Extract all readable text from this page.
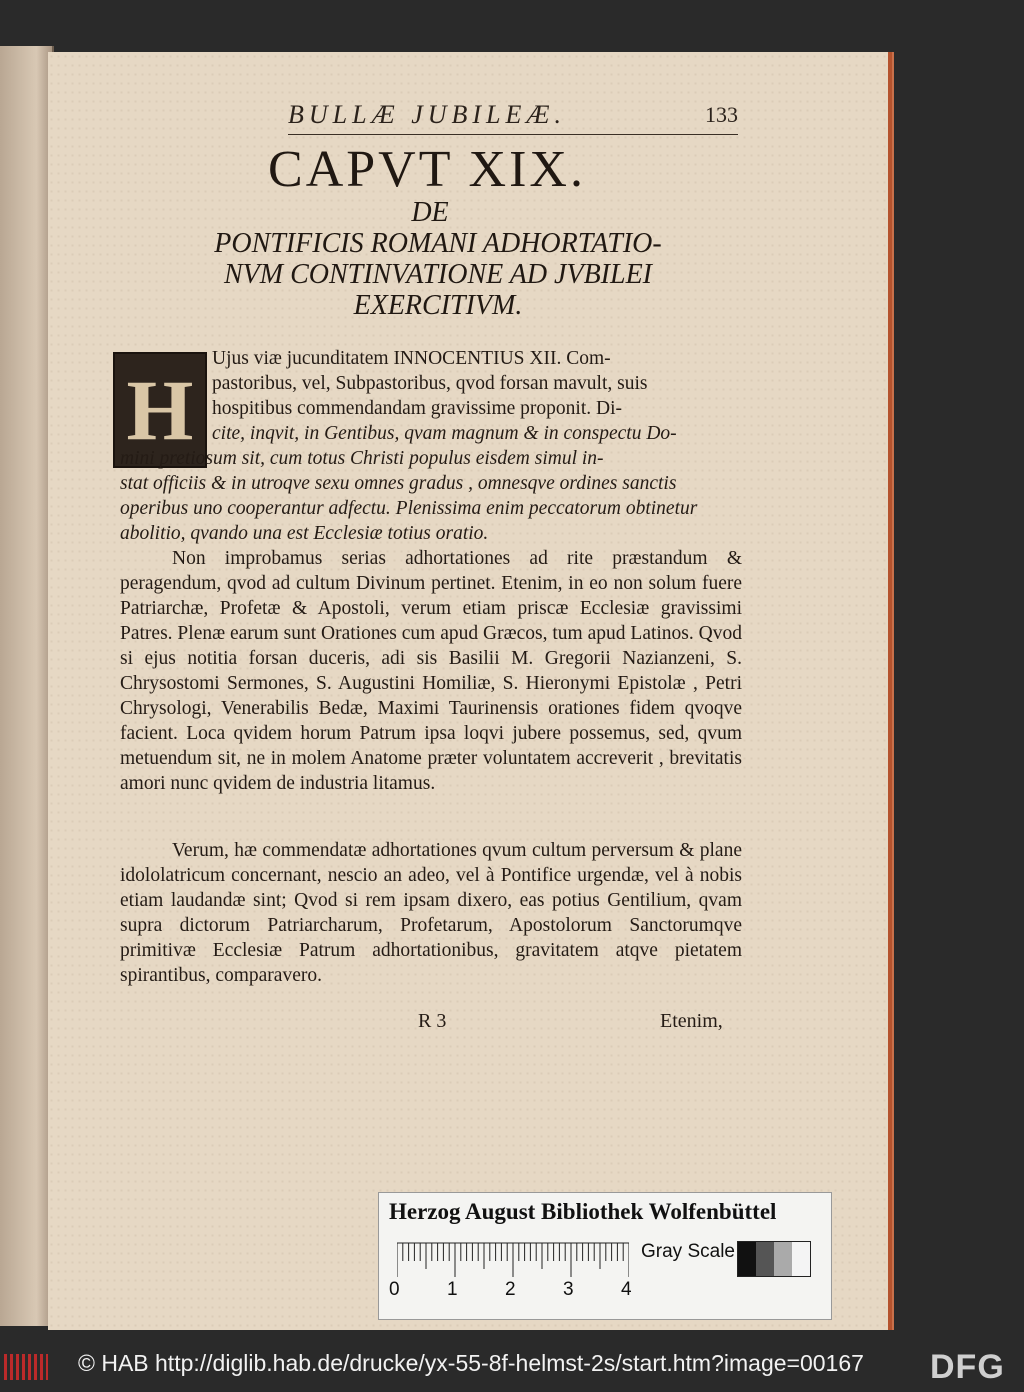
BULLÆ JUBILEÆ.	133
CAPVT XIX.
DE
PONTIFICIS ROMANI ADHORTATIO-
NVM CONTINVATIONE AD JVBILEI
EXERCITIVM.
H
Ujus viæ jucunditatem INNOCENTIUS XII. Com-
pastoribus, vel, Subpastoribus, qvod forsan mavult, suis
hospitibus commendandam gravissime proponit. Di-
cite, inqvit, in Gentibus, qvam magnum & in conspectu Do-
mini pretiosum sit, cum totus Christi populus eisdem simul in-
stat officiis & in utroqve sexu omnes gradus , omnesqve ordines sanctis
operibus uno cooperantur adfectu. Plenissima enim peccatorum obtinetur
abolitio, qvando una est Ecclesiæ totius oratio.
Non improbamus serias adhortationes ad rite præstandum & peragendum, qvod ad cultum Divinum pertinet. Etenim, in eo non solum fuere Patriarchæ, Profetæ & Apostoli, verum etiam priscæ Ecclesiæ gravissimi Patres. Plenæ earum sunt Orationes cum apud Græcos, tum apud Latinos. Qvod si ejus notitia forsan duceris, adi sis Basilii M. Gregorii Nazianzeni, S. Chrysostomi Sermones, S. Augustini Homiliæ, S. Hieronymi Epistolæ , Petri Chrysologi, Venerabilis Bedæ, Maximi Taurinensis orationes fidem qvoqve facient. Loca qvidem horum Patrum ipsa loqvi jubere possemus, sed, qvum metuendum sit, ne in molem Anatome præter voluntatem accreverit , brevitatis amori nunc qvidem de industria litamus.
Verum, hæ commendatæ adhortationes qvum cultum perversum & plane idololatricum concernant, nescio an adeo, vel à Pontifice urgendæ, vel à nobis etiam laudandæ sint; Qvod si rem ipsam dixero, eas potius Gentilium, qvam supra dictorum Patriarcharum, Profetarum, Apostolorum Sanctorumqve primitivæ Ecclesiæ Patrum adhortationibus, gravitatem atqve pietatem spirantibus, comparavero.
R 3	Etenim,
Herzog August Bibliothek Wolfenbüttel
0 1 2 3 4
Gray Scale
© HAB http://diglib.hab.de/drucke/yx-55-8f-helmst-2s/start.htm?image=00167 DFG
